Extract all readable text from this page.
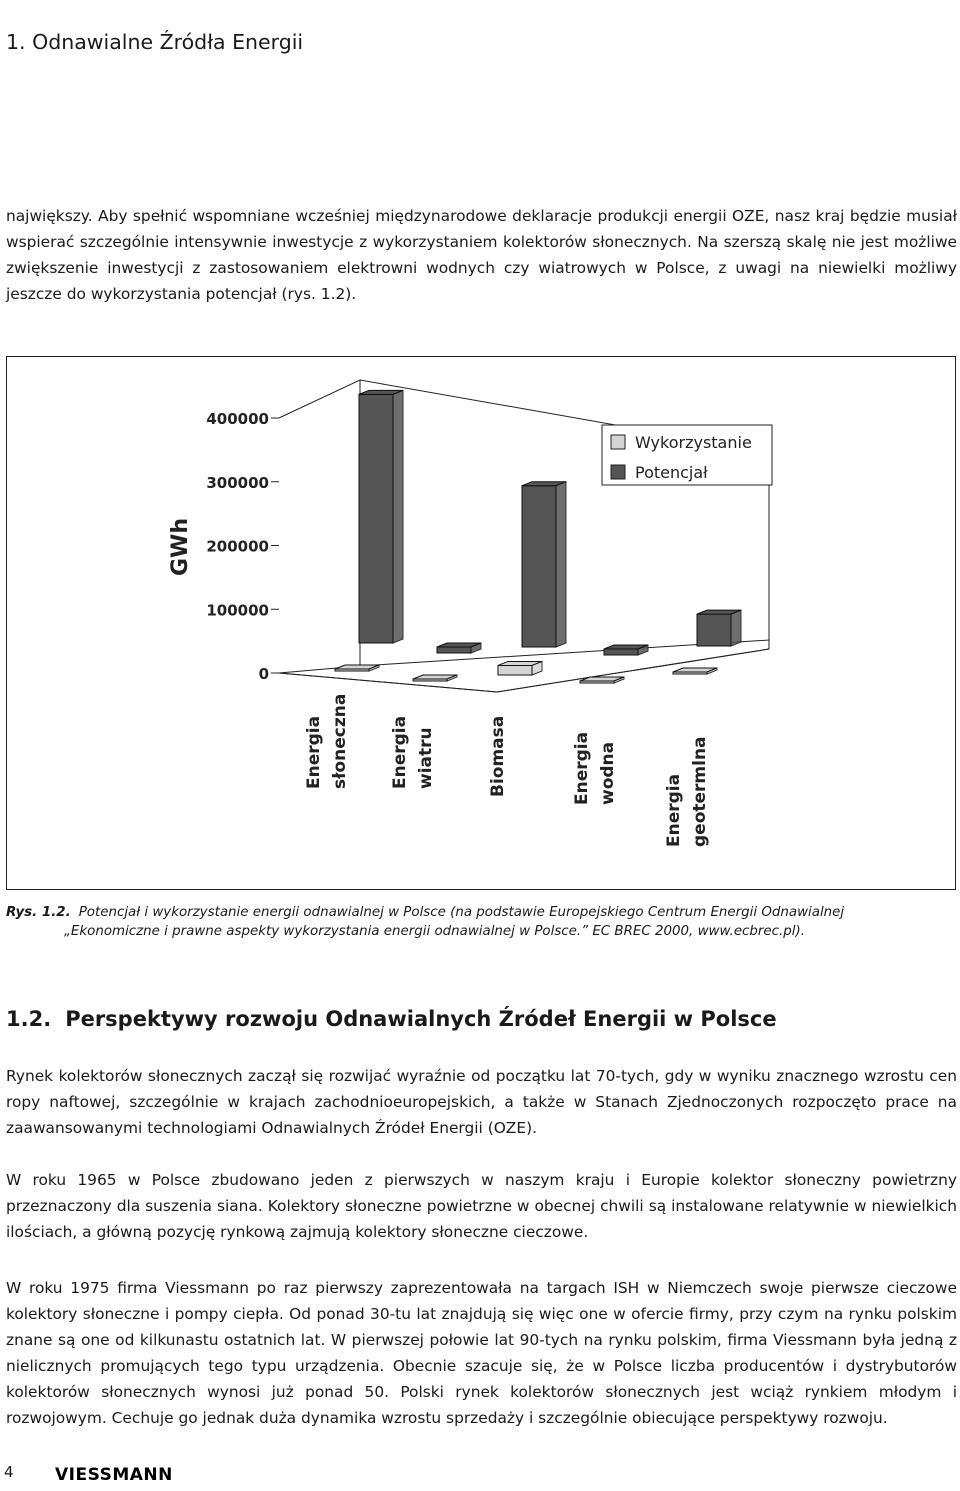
1. Odnawialne Źródła Energii

największy. Aby spełnić wspomniane wcześniej międzynarodowe deklaracje produkcji energii OZE, nasz kraj będzie musiał wspierać szczególnie intensywnie inwestycje z wykorzystaniem kolektorów słonecznych. Na szerszą skalę nie jest możliwe zwiększenie inwestycji z zastosowaniem elektrowni wodnych czy wiatrowych w Polsce, z uwagi na niewielki możliwy jeszcze do wykorzystania potencjał (rys. 1.2).

400000
300000
200000
100000
0
GWh
Energia słoneczna Energia wiatru	Biomasa	Energia wodna
Energia geotermlna
Wykorzystanie
Potencjał

Rys. 1.2. Potencjał i wykorzystanie energii odnawialnej w Polsce (na podstawie Europejskiego Centrum Energii Odnawialnej
„Ekonomiczne i prawne aspekty wykorzystania energii odnawialnej w Polsce.” EC BREC 2000, www.ecbrec.pl).

1.2. Perspektywy rozwoju Odnawialnych Źródeł Energii w Polsce

Rynek kolektorów słonecznych zaczął się rozwijać wyraźnie od początku lat 70-tych, gdy w wyniku znacznego wzrostu cen ropy naftowej, szczególnie w krajach zachodnioeuropejskich, a także w Stanach Zjednoczonych rozpoczęto prace na zaawansowanymi technologiami Odnawialnych Źródeł Energii (OZE).

W roku 1965 w Polsce zbudowano jeden z pierwszych w naszym kraju i Europie kolektor słoneczny powietrzny przeznaczony dla suszenia siana. Kolektory słoneczne powietrzne w obecnej chwili są instalowane relatywnie w niewielkich ilościach, a główną pozycję rynkową zajmują kolektory słoneczne cieczowe.

W roku 1975 firma Viessmann po raz pierwszy zaprezentowała na targach ISH w Niemczech swoje pierwsze cieczowe kolektory słoneczne i pompy ciepła. Od ponad 30-tu lat znajdują się więc one w ofercie firmy, przy czym na rynku polskim znane są one od kilkunastu ostatnich lat. W pierwszej połowie lat 90-tych na rynku polskim, firma Viessmann była jedną z nielicznych promujących tego typu urządzenia. Obecnie szacuje się, że w Polsce liczba producentów i dystrybutorów kolektorów słonecznych wynosi już ponad 50. Polski rynek kolektorów słonecznych jest wciąż rynkiem młodym i rozwojowym. Cechuje go jednak duża dynamika wzrostu sprzedaży i szczególnie obiecujące perspektywy rozwoju.

4 VIESSMANN
